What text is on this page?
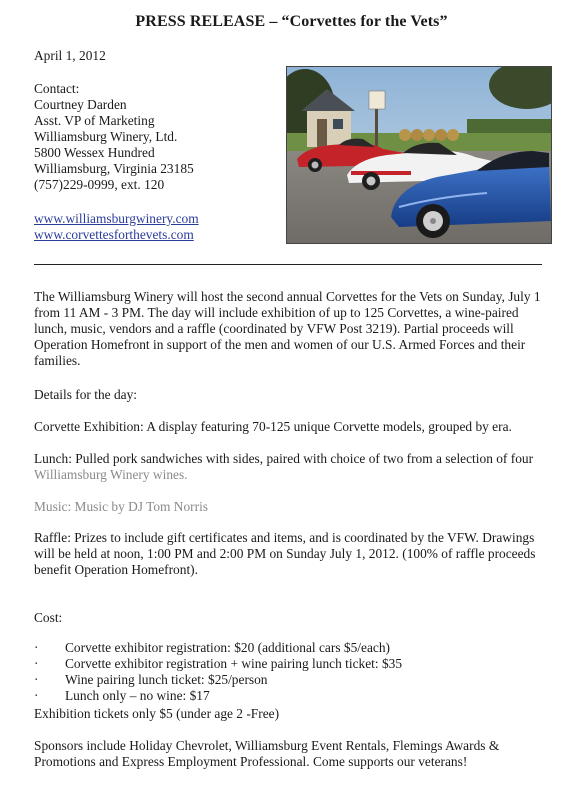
PRESS RELEASE – “Corvettes for the Vets”
April 1, 2012
Contact:
Courtney Darden
Asst. VP of Marketing
Williamsburg Winery, Ltd.
5800 Wessex Hundred
Williamsburg, Virginia 23185
(757)229-0999, ext. 120
www.williamsburgwinery.com
www.corvettesforthevets.com
The Williamsburg Winery will host the second annual Corvettes for the Vets on Sunday, July 1 from 11 AM - 3 PM. The day will include exhibition of up to 125 Corvettes, a wine-paired lunch, music, vendors and a raffle (coordinated by VFW Post 3219). Partial proceeds will Operation Homefront in support of the men and women of our U.S. Armed Forces and their families.
Details for the day:
Corvette Exhibition: A display featuring 70-125 unique Corvette models, grouped by era.
Lunch: Pulled pork sandwiches with sides, paired with choice of two from a selection of four
Williamsburg Winery wines.
Music: Music by DJ Tom Norris
Raffle: Prizes to include gift certificates and items, and is coordinated by the VFW. Drawings will be held at noon, 1:00 PM and 2:00 PM on Sunday July 1, 2012. (100% of raffle proceeds benefit Operation Homefront).
Cost:
· Corvette exhibitor registration: $20 (additional cars $5/each)
· Corvette exhibitor registration + wine pairing lunch ticket: $35
· Wine pairing lunch ticket: $25/person
· Lunch only – no wine: $17
Exhibition tickets only $5 (under age 2 -Free)
Sponsors include Holiday Chevrolet, Williamsburg Event Rentals, Flemings Awards & Promotions and Express Employment Professional. Come supports our veterans!
